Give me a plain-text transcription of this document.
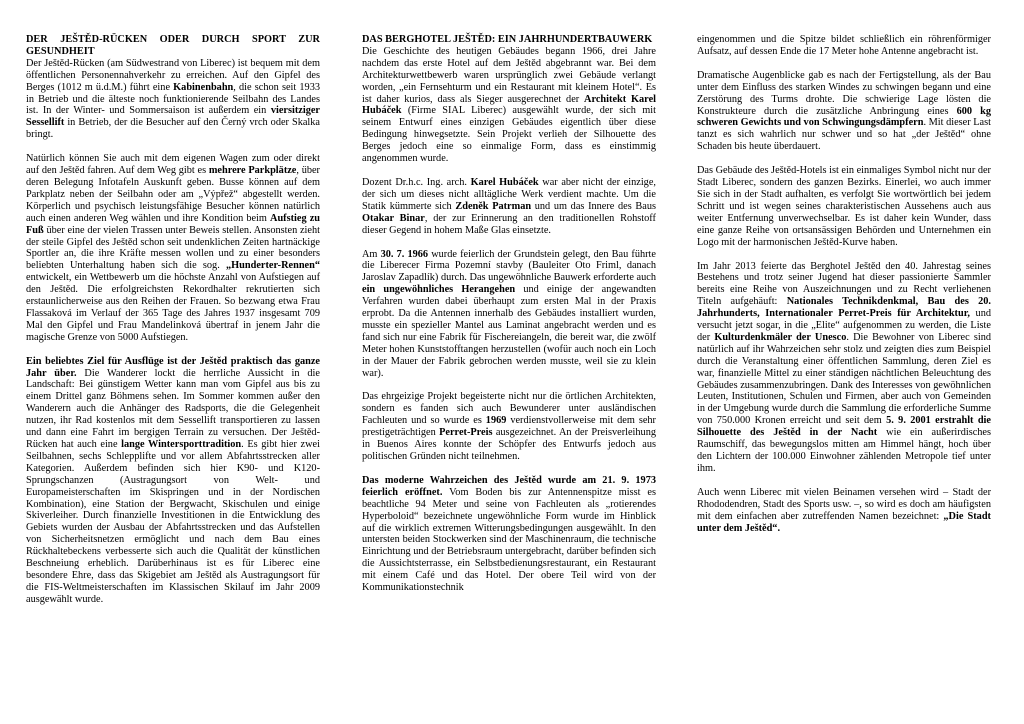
DER JEŠTĚD-RÜCKEN ODER DURCH SPORT ZUR GESUNDHEIT
Der Ještěd-Rücken (am Südwestrand von Liberec) ist bequem mit dem öffentlichen Personennahverkehr zu erreichen. Auf den Gipfel des Berges (1012 m ü.d.M.) führt eine Kabinenbahn, die schon seit 1933 in Betrieb und die älteste noch funktionierende Seilbahn des Landes ist. In der Winter- und Sommersaison ist außerdem ein viersitziger Sessellift in Betrieb, der die Besucher auf den Černý vrch oder Skalka bringt.
Natürlich können Sie auch mit dem eigenen Wagen zum oder direkt auf den Ještěd fahren. Auf dem Weg gibt es mehrere Parkplätze, über deren Belegung Infotafeln Auskunft geben. Busse können auf dem Parkplatz neben der Seilbahn oder am „Výpřež“ abgestellt werden. Körperlich und psychisch leistungsfähige Besucher können natürlich auch einen anderen Weg wählen und ihre Kondition beim Aufstieg zu Fuß über eine der vielen Trassen unter Beweis stellen. Ansonsten zieht der steile Gipfel des Ještěd schon seit undenklichen Zeiten hartnäckige Sportler an, die ihre Kräfte messen wollen und zu einer besonders beliebten Unterhaltung haben sich die sog. „Hunderter-Rennen“ entwickelt, ein Wettbewerb um die höchste Anzahl von Aufstiegen auf den Ještěd. Die erfolgreichsten Rekordhalter rekrutierten sich erstaunlicherweise aus den Reihen der Frauen. So bezwang etwa Frau Flassaková im Verlauf der 365 Tage des Jahres 1937 insgesamt 709 Mal den Gipfel und Frau Mandelinková übertraf in jenem Jahr die magische Grenze von 5000 Aufstiegen.
Ein beliebtes Ziel für Ausflüge ist der Ještěd praktisch das ganze Jahr über. Die Wanderer lockt die herrliche Aussicht in die Landschaft: Bei günstigem Wetter kann man vom Gipfel aus bis zu einem Drittel ganz Böhmens sehen. Im Sommer kommen außer den Wanderern auch die Anhänger des Radsports, die die Gelegenheit nutzen, ihr Rad kostenlos mit dem Sessellift transportieren zu lassen und dann eine Fahrt im bergigen Terrain zu versuchen. Der Ještěd-Rücken hat auch eine lange Wintersporttradition. Es gibt hier zwei Seilbahnen, sechs Schlepplifte und vor allem Abfahrtsstrecken aller Kategorien. Außerdem befinden sich hier K90- und K120-Sprungschanzen (Austragungsort von Welt- und Europameisterschaften im Skispringen und in der Nordischen Kombination), eine Station der Bergwacht, Skischulen und einige Skiverleiher. Durch finanzielle Investitionen in die Entwicklung des Gebiets wurden der Ausbau der Abfahrtsstrecken und das Aufstellen von Sicherheitsnetzen ermöglicht und nach dem Bau eines Rückhaltebeckens verbesserte sich auch die Qualität der künstlichen Beschneiung erheblich. Darüberhinaus ist es für Liberec eine besondere Ehre, dass das Skigebiet am Ještěd als Austragungsort für die FIS-Weltmeisterschaften im Klassischen Skilauf im Jahr 2009 ausgewählt wurde.
DAS BERGHOTEL JEŠTĚD: EIN JAHRHUNDERTBAUWERK
Die Geschichte des heutigen Gebäudes begann 1966, drei Jahre nachdem das erste Hotel auf dem Ještěd abgebrannt war. Bei dem Architekturwettbewerb waren ursprünglich zwei Gebäude verlangt worden, „ein Fernsehturm und ein Restaurant mit kleinem Hotel“. Es ist daher kurios, dass als Sieger ausgerechnet der Architekt Karel Hubáček (Firme SIAL Liberec) ausgewählt wurde, der sich mit seinem Entwurf eines einzigen Gebäudes eigentlich über diese Bedingung hinwegsetzte. Sein Projekt verlieh der Silhouette des Berges jedoch eine so einmalige Form, dass es einstimmig angenommen wurde.
Dozent Dr.h.c. Ing. arch. Karel Hubáček war aber nicht der einzige, der sich um dieses nicht alltägliche Werk verdient machte. Um die Statik kümmerte sich Zdeněk Patrman und um das Innere des Baus Otakar Binar, der zur Erinnerung an den traditionellen Rohstoff dieser Gegend in hohem Maße Glas einsetzte.
Am 30. 7. 1966 wurde feierlich der Grundstein gelegt, den Bau führte die Liberecer Firma Pozemní stavby (Bauleiter Oto Friml, danach Jaroslav Zapadlík) durch. Das ungewöhnliche Bauwerk erforderte auch ein ungewöhnliches Herangehen und einige der angewandten Verfahren wurden dabei überhaupt zum ersten Mal in der Praxis erprobt. Da die Antennen innerhalb des Gebäudes installiert wurden, musste ein spezieller Mantel aus Laminat angebracht werden und es fand sich nur eine Fabrik für Fischereiangeln, die bereit war, die zwölf Meter hohen Kunststofftangen herzustellen (wofür auch noch ein Loch in der Mauer der Fabrik gebrochen werden musste, weil sie zu klein war).
Das ehrgeizige Projekt begeisterte nicht nur die örtlichen Architekten, sondern es fanden sich auch Bewunderer unter ausländischen Fachleuten und so wurde es 1969 verdienstvollerweise mit dem sehr prestigeträchtigen Perret-Preis ausgezeichnet. An der Preisverleihung in Buenos Aires konnte der Schöpfer des Entwurfs jedoch aus politischen Gründen nicht teilnehmen.
Das moderne Wahrzeichen des Ještěd wurde am 21. 9. 1973 feierlich eröffnet. Vom Boden bis zur Antennenspitze misst es beachtliche 94 Meter und seine von Fachleuten als „rotierendes Hyperboloid“ bezeichnete ungewöhnliche Form wurde im Hinblick auf die wirklich extremen Witterungsbedingungen ausgewählt. In den untersten beiden Stockwerken sind der Maschinenraum, die technische Einrichtung und der Betriebsraum untergebracht, darüber befinden sich die Aussichtsterrasse, ein Selbstbedienungsrestaurant, ein Restaurant mit einem Café und das Hotel. Der obere Teil wird von der Kommunikationstechnik
eingenommen und die Spitze bildet schließlich ein röhrenförmiger Aufsatz, auf dessen Ende die 17 Meter hohe Antenne angebracht ist.
Dramatische Augenblicke gab es nach der Fertigstellung, als der Bau unter dem Einfluss des starken Windes zu schwingen begann und eine Zerstörung des Turms drohte. Die schwierige Lage lösten die Konstrukteure durch die zusätzliche Anbringung eines 600 kg schweren Gewichts und von Schwingungsdämpfern. Mit dieser Last tanzt es sich wahrlich nur schwer und so hat „der Ještěd“ ohne Schaden bis heute überdauert.
Das Gebäude des Ještěd-Hotels ist ein einmaliges Symbol nicht nur der Stadt Liberec, sondern des ganzen Bezirks. Einerlei, wo auch immer Sie sich in der Stadt aufhalten, es verfolgt Sie wortwörtlich bei jedem Schritt und ist wegen seines charakteristischen Aussehens auch aus weiter Entfernung unverwechselbar. Es ist daher kein Wunder, dass eine ganze Reihe von ortsansässigen Behörden und Unternehmen ein Logo mit der harmonischen Ještěd-Kurve haben.
Im Jahr 2013 feierte das Berghotel Ještěd den 40. Jahrestag seines Bestehens und trotz seiner Jugend hat dieser passionierte Sammler bereits eine Reihe von Auszeichnungen und zu Recht verliehenen Titeln aufgehäuft: Nationales Technikdenkmal, Bau des 20. Jahrhunderts, Internationaler Perret-Preis für Architektur, und versucht jetzt sogar, in die „Elite“ aufgenommen zu werden, die Liste der Kulturdenkmäler der Unesco. Die Bewohner von Liberec sind natürlich auf ihr Wahrzeichen sehr stolz und zeigten dies zum Beispiel durch die Veranstaltung einer öffentlichen Sammlung, deren Ziel es war, finanzielle Mittel zu einer ständigen nächtlichen Beleuchtung des Gebäudes zusammenzubringen. Dank des Interesses von gewöhnlichen Leuten, Institutionen, Schulen und Firmen, aber auch von Gemeinden in der Umgebung wurde durch die Sammlung die erforderliche Summe von 750.000 Kronen erreicht und seit dem 5. 9. 2001 erstrahlt die Silhouette des Ještěd in der Nacht wie ein außerirdisches Raumschiff, das bewegungslos mitten am Himmel hängt, hoch über den Lichtern der 100.000 Einwohner zählenden Metropole tief unter ihm.
Auch wenn Liberec mit vielen Beinamen versehen wird – Stadt der Rhododendren, Stadt des Sports usw. –, so wird es doch am häufigsten mit dem einfachen aber zutreffenden Namen bezeichnet: „Die Stadt unter dem Ještěd“.
